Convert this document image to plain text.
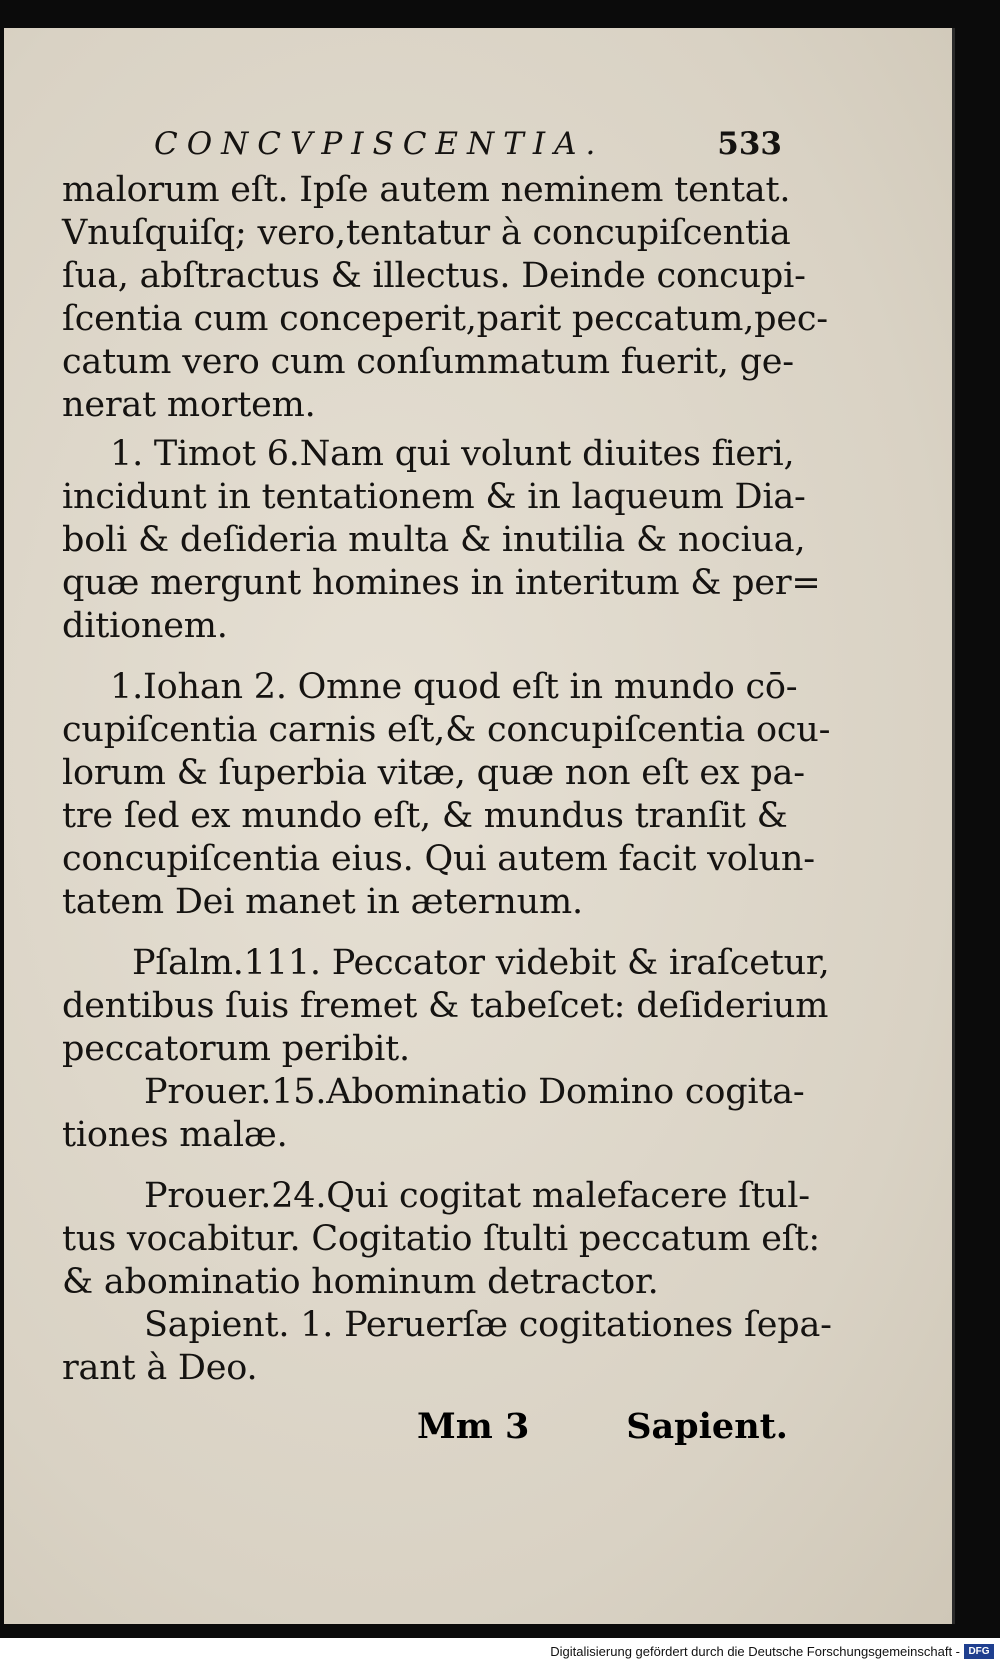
CONCVPISCENTIA.	533
malorum eſt. Ipſe autem neminem tentat.
Vnuſquiſq; vero,tentatur à concupiſcentia
ſua, abſtractus & illectus. Deinde concupi-
ſcentia cum conceperit,parit peccatum,pec-
catum vero cum conſummatum fuerit, ge-
nerat mortem.
1. Timot 6.Nam qui volunt diuites fieri,
incidunt in tentationem & in laqueum Dia-
boli & deſideria multa & inutilia & nociua,
quæ mergunt homines in interitum & per=
ditionem.
1.Iohan 2. Omne quod eſt in mundo cō-
cupiſcentia carnis eſt,& concupiſcentia ocu-
lorum & ſuperbia vitæ, quæ non eſt ex pa-
tre ſed ex mundo eſt, & mundus tranſit &
concupiſcentia eius. Qui autem facit volun-
tatem Dei manet in æternum.
Pſalm.111. Peccator videbit & iraſcetur,
dentibus ſuis fremet & tabeſcet: deſiderium
peccatorum peribit.
Prouer.15.Abominatio Domino cogita-
tiones malæ.
Prouer.24.Qui cogitat malefacere ſtul-
tus vocabitur. Cogitatio ſtulti peccatum eſt:
& abominatio hominum detractor.
Sapient. 1. Peruerſæ cogitationes ſepa-
rant à Deo.
Mm 3	Sapient.
Digitalisierung gefördert durch die Deutsche Forschungsgemeinschaft - DFG
